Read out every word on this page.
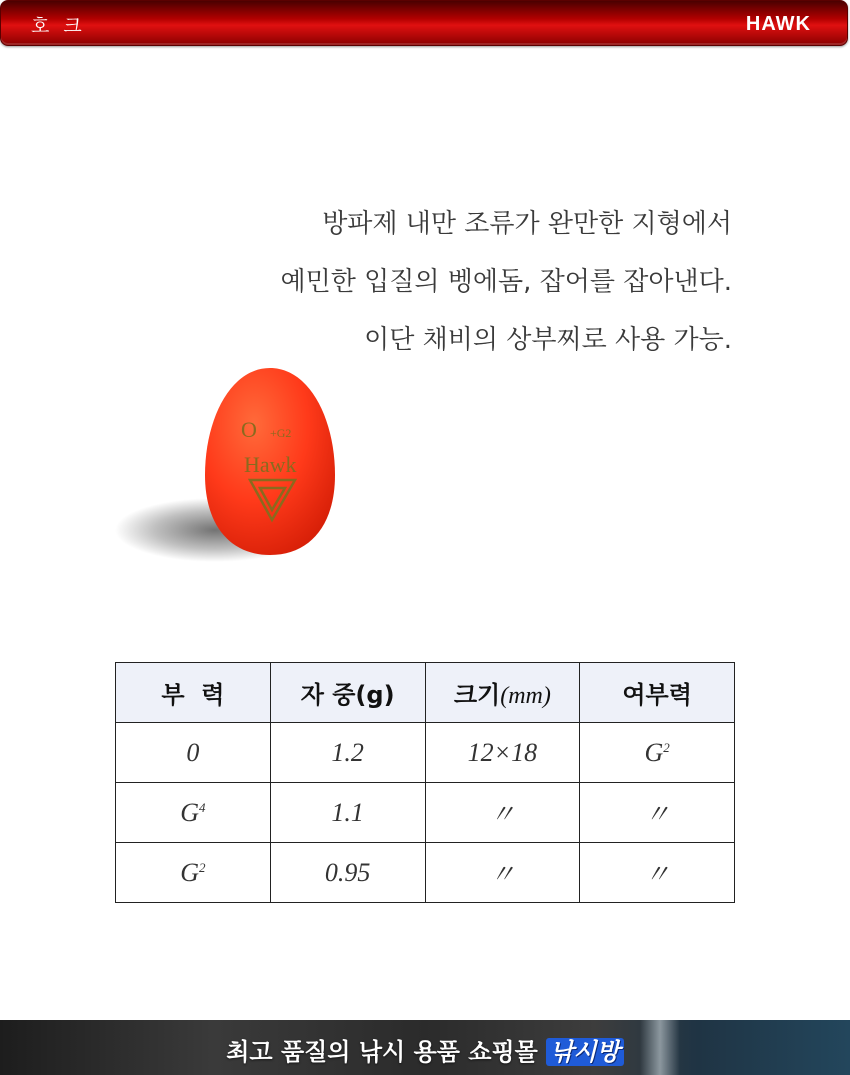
호 크	HAWK
방파제 내만 조류가 완만한 지형에서
예민한 입질의 벵에돔, 잡어를 잡아낸다.
이단 채비의 상부찌로 사용 가능.
O +G2
Hawk
부  력	자 중(g)	크기(mm)	여부력
0	1.2	12×18	$G^2$
$G^4$	1.1	〃	〃
$G^2$	0.95	〃	〃
최고 품질의 낚시 용품 쇼핑몰 낚시방
